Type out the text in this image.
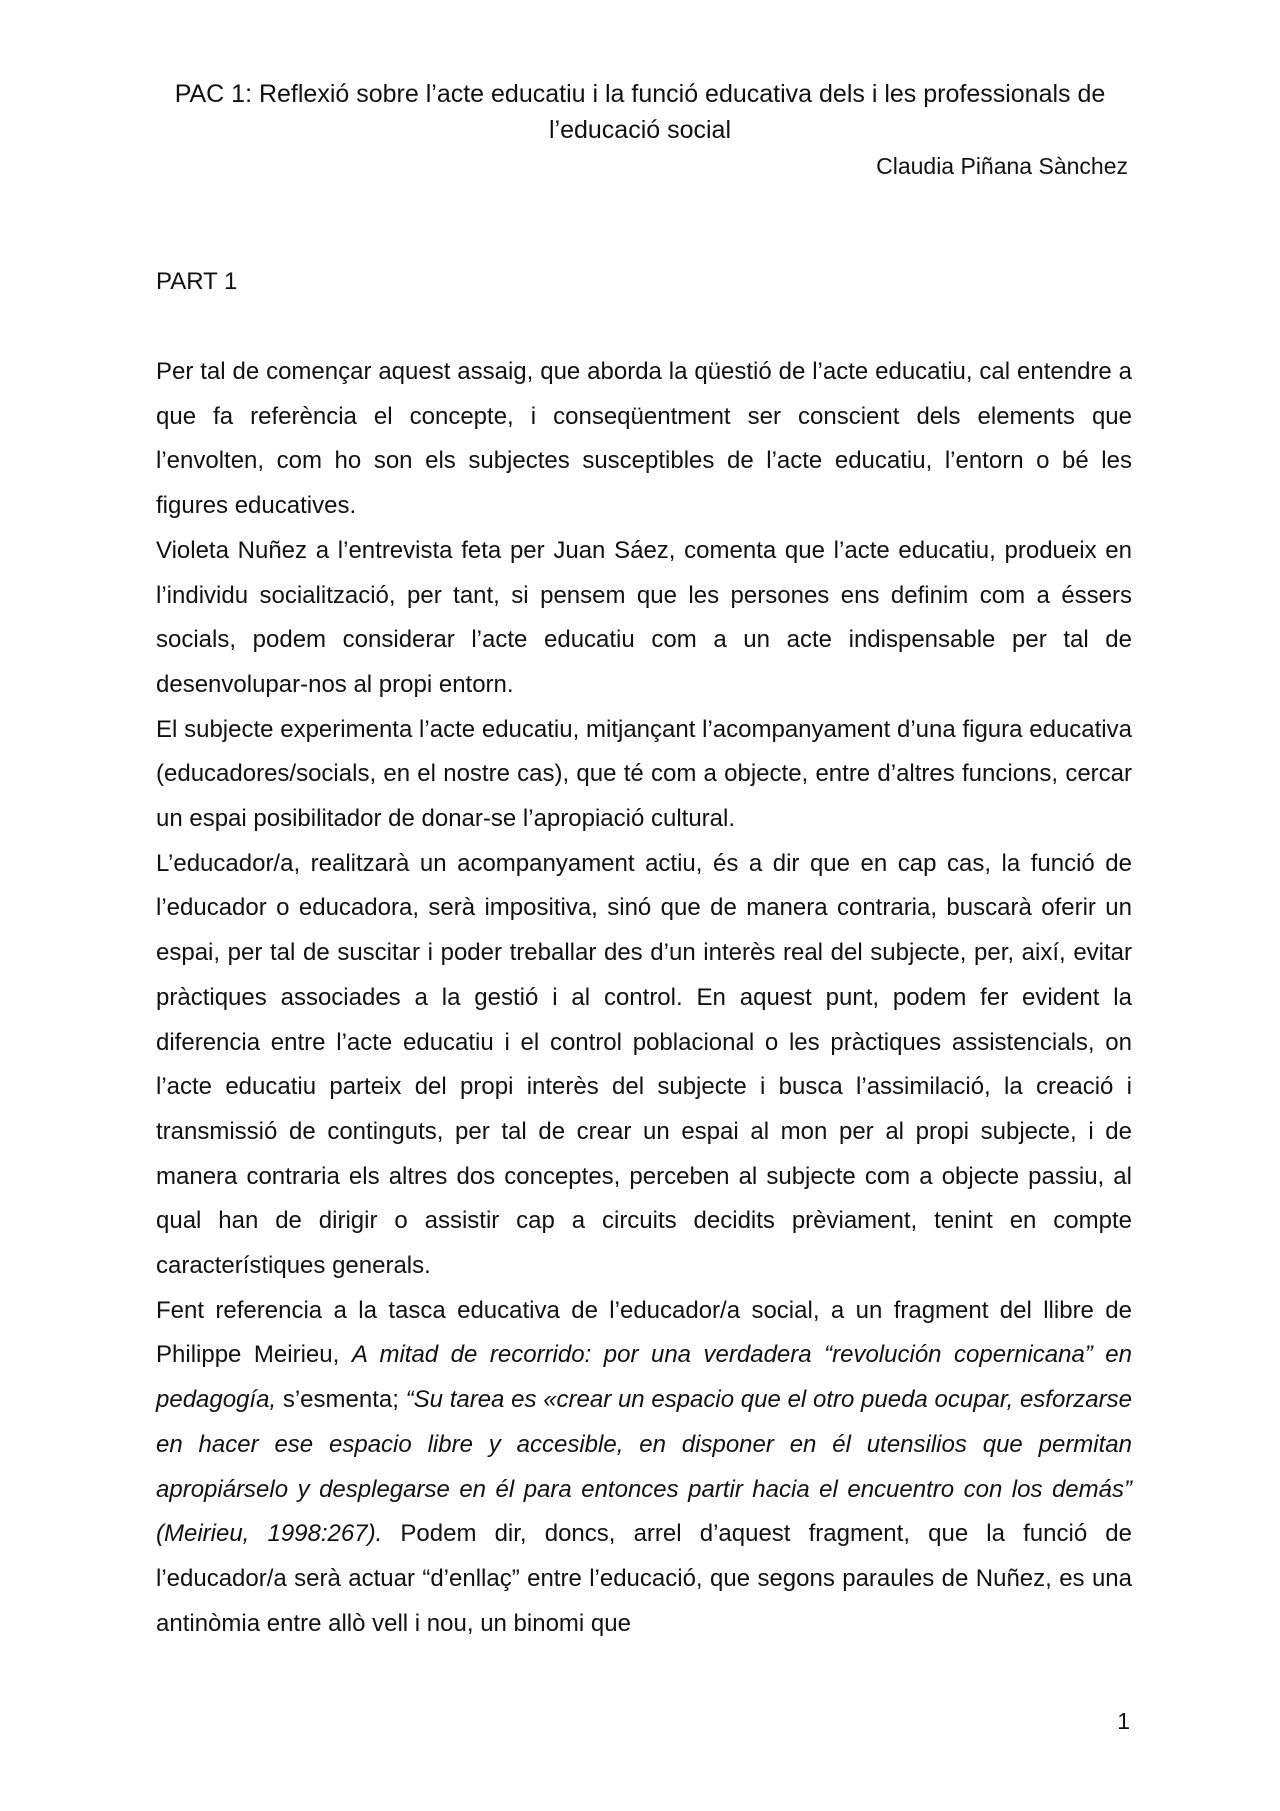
PAC 1: Reflexió sobre l’acte educatiu i la funció educativa dels i les professionals de l’educació social
Claudia Piñana Sànchez
PART 1

Per tal de començar aquest assaig, que aborda la qüestió de l’acte educatiu, cal entendre a que fa referència el concepte, i conseqüentment ser conscient dels elements que l’envolten, com ho son els subjectes susceptibles de l’acte educatiu, l’entorn o bé les figures educatives.

Violeta Nuñez a l’entrevista feta per Juan Sáez, comenta que l’acte educatiu, produeix en l’individu socialització, per tant, si pensem que les persones ens definim com a éssers socials, podem considerar l’acte educatiu com a un acte indispensable per tal de desenvolupar-nos al propi entorn.

El subjecte experimenta l’acte educatiu, mitjançant l’acompanyament d’una figura educativa (educadores/socials, en el nostre cas), que té com a objecte, entre d’altres funcions, cercar un espai posibilitador de donar-se l’apropiació cultural.

L’educador/a, realitzarà un acompanyament actiu, és a dir que en cap cas, la funció de l’educador o educadora, serà impositiva, sinó que de manera contraria, buscarà oferir un espai, per tal de suscitar i poder treballar des d’un interès real del subjecte, per, així, evitar pràctiques associades a la gestió i al control. En aquest punt, podem fer evident la diferencia entre l’acte educatiu i el control poblacional o les pràctiques assistencials, on l’acte educatiu parteix del propi interès del subjecte i busca l’assimilació, la creació i transmissió de continguts, per tal de crear un espai al mon per al propi subjecte, i de manera contraria els altres dos conceptes, perceben al subjecte com a objecte passiu, al qual han de dirigir o assistir cap a circuits decidits prèviament, tenint en compte característiques generals.

Fent referencia a la tasca educativa de l’educador/a social, a un fragment del llibre de Philippe Meirieu, A mitad de recorrido: por una verdadera “revolución copernicana” en pedagogía, s’esmenta; “Su tarea es «crear un espacio que el otro pueda ocupar, esforzarse en hacer ese espacio libre y accesible, en disponer en él utensilios que permitan apropiárselo y desplegarse en él para entonces partir hacia el encuentro con los demás” (Meirieu, 1998:267). Podem dir, doncs, arrel d’aquest fragment, que la funció de l’educador/a serà actuar “d’enllaç” entre l’educació, que segons paraules de Nuñez, es una antinòmia entre allò vell i nou, un binomi que

1
